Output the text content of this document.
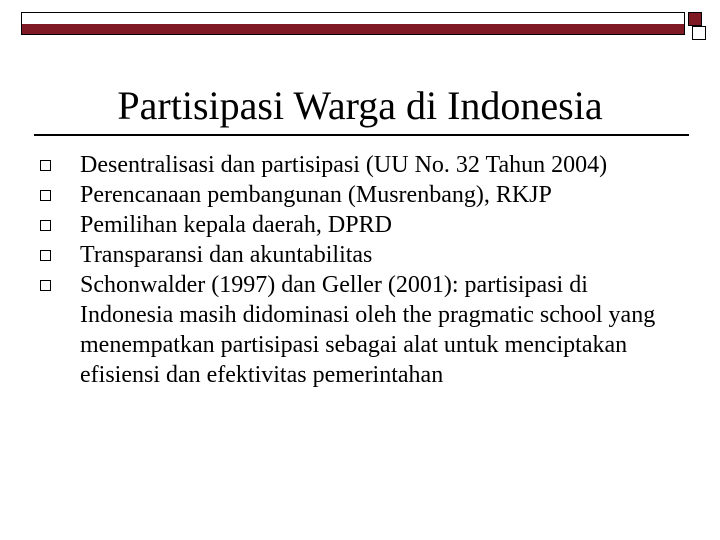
Partisipasi Warga di Indonesia
Desentralisasi dan partisipasi (UU No. 32 Tahun 2004)
Perencanaan pembangunan (Musrenbang), RKJP
Pemilihan kepala daerah, DPRD
Transparansi dan akuntabilitas
Schonwalder (1997) dan Geller (2001): partisipasi di Indonesia masih didominasi oleh the pragmatic school yang menempatkan partisipasi sebagai alat untuk menciptakan efisiensi dan efektivitas pemerintahan
